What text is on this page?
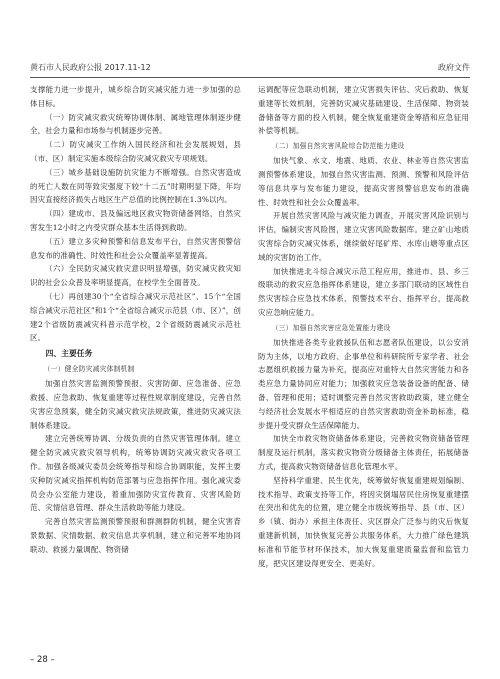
黄石市人民政府公报 2017.11-12	政府文件

支撑能力进一步提升，城乡综合防灾减灾能力进一步加强的总体目标。

（一）防灾减灾救灾统筹协调体制、属地管理体制逐步健全，社会力量和市场参与机制逐步完善。

（二）防灾减灾工作纳入国民经济和社会发展规划，县（市、区）制定实施本级综合防灾减灾救灾专项规划。

（三）城乡基础设施防抗灾能力不断增强。自然灾害造成的死亡人数在同等致灾强度下较“十二五”时期明显下降，年均因灾直接经济损失占地区生产总值的比例控制在1.3%以内。

（四）建成市、县及偏远地区救灾物资储备网络，自然灾害发生12小时之内受灾群众基本生活得到救助。

（五）建立多灾种预警和信息发布平台，自然灾害预警信息发布的准确性、时效性和社会公众覆盖率显著提高。

（六）全民防灾减灾救灾意识明显增强，防灾减灾救灾知识的社会公众普及率明显提高，在校学生全面普及。

（七）再创建30个“全省综合减灾示范社区”、15个“全国综合减灾示范社区”和1个“全省综合减灾示范县（市、区）”，创建2个省级防震减灾科普示范学校，2个省级防震减灾示范社区。

四、主要任务

（一）健全防灾减灾体制机制

加强自然灾害监测预警预报、灾害防御、应急准备、应急救援、应急救助、恢复重建等过程性规章制度建设，完善自然灾害应急预案，健全防灾减灾救灾法规政策，推进防灾减灾法制体系建设。

建立完善统筹协调、分级负责的自然灾害管理体制。建立健全防灾减灾救灾领导机构，统筹协调防灾减灾救灾各项工作。加强各级减灾委员会统筹指导和综合协调职能，发挥主要灾种防灾减灾指挥机构防范部署与应急指挥作用。强化减灾委员会办公室能力建设，着重加强防灾宣传教育、灾害风险防范、灾情信息管理、群众生活救助等能力建设。

完善自然灾害监测预警预报和群测群防机制，健全灾害背景数据、灾情数据、救灾信息共享机制，建立和完善军地协同联动、救援力量调配、物资储

运调配等应急联动机制，建立灾害损失评估、灾后救助、恢复重建等长效机制，完善防灾减灾基础建设、生活保障、物资装备储备等方面的投入机制，健全恢复重建资金筹措和应急征用补偿等机制。

（二）加强自然灾害风险综合防范能力建设

加快气象、水文、地震、地质、农业、林业等自然灾害监测预警体系建设，加强自然灾害监测、预测、预警和风险评估等信息共享与发布能力建设，提高灾害预警信息发布的准确性、时效性和社会公众覆盖率。

开展自然灾害风险与减灾能力调查，开展灾害风险识别与评估，编制灾害风险图，建立灾害风险数据库。建立矿山地质灾害综合防灾减灾体系，继续做好尾矿库、水库山塘等重点区域的灾害防治工作。

加快推进北斗综合减灾示范工程应用，推进市、县、乡三级联动的救灾应急指挥体系建设，建立多部门联动的区域性自然灾害综合应急技术体系、预警技术平台、指挥平台，提高救灾应急响应能力。

（三）加强自然灾害应急处置能力建设

加快推进各类专业救援队伍和志愿者队伍建设，以公安消防为主体，以地方政府、企事单位和科研院所专家学者、社会志愿组织救援力量为补充，提高应对重特大自然灾害能力和各类应急力量协同应对能力；加强救灾应急装备设备的配备、储备、管理和使用；适时调整完善自然灾害救助政策，建立健全与经济社会发展水平相适应的自然灾害救助资金补助标准，稳步提升受灾群众生活保障能力。

加快全市救灾物资储备体系建设，完善救灾物资储备管理制度及运行机制，落实救灾物资分级储备主体责任，拓展储备方式，提高救灾物资储备信息化管理水平。

坚持科学重建、民生优先，统筹做好恢复重建规划编制、技术指导、政策支持等工作，将因灾倒塌居民住房恢复重建摆在突出和优先的位置，建立健全市级统筹指导、县（市、区）乡（镇、街办）承担主体责任、灾区群众广泛参与的灾后恢复重建新机制，加快恢复完善公共服务体系，大力推广绿色建筑标准和节能节材环保技术，加大恢复重建质量监督和监管力度，把灾区建设得更安全、更美好。

– 28 –
